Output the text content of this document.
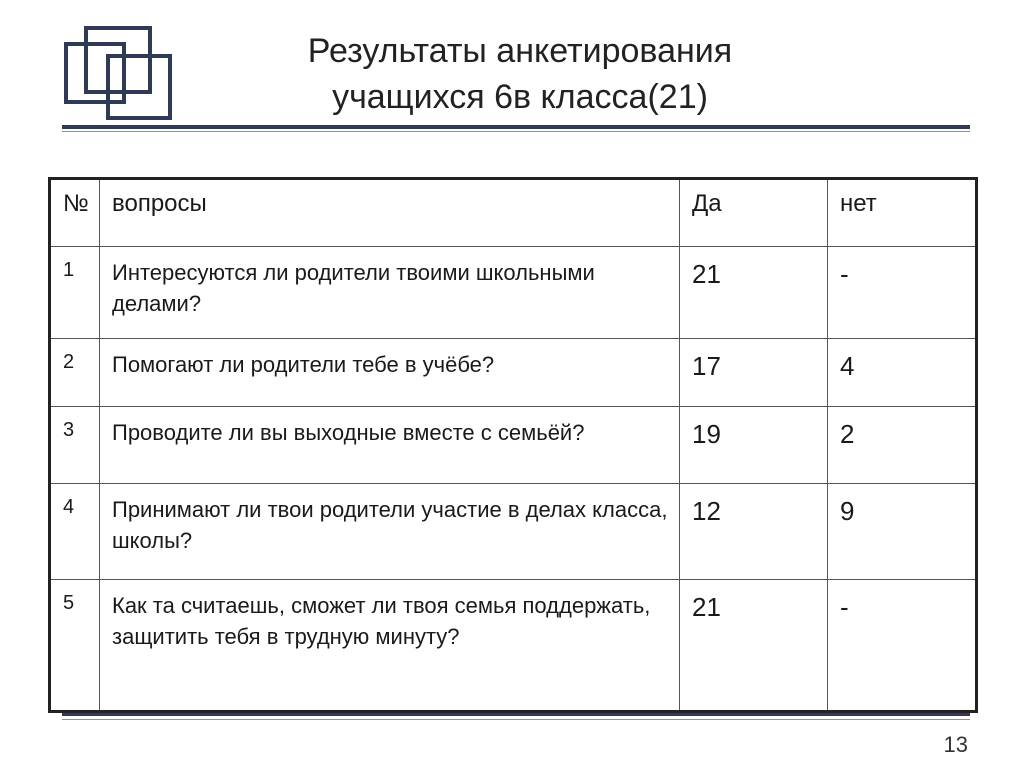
Результаты анкетирования
учащихся 6в класса(21)
№	вопросы	Да	нет
1	Интересуются ли родители твоими школьными делами?	21	-
2	Помогают ли родители тебе в учёбе?	17	4
3	Проводите ли вы выходные вместе с семьёй?	19	2
4	Принимают ли твои родители участие в делах класса, школы?	12	9
5	Как та считаешь, сможет ли твоя семья поддержать, защитить тебя в трудную минуту?	21	-
13
